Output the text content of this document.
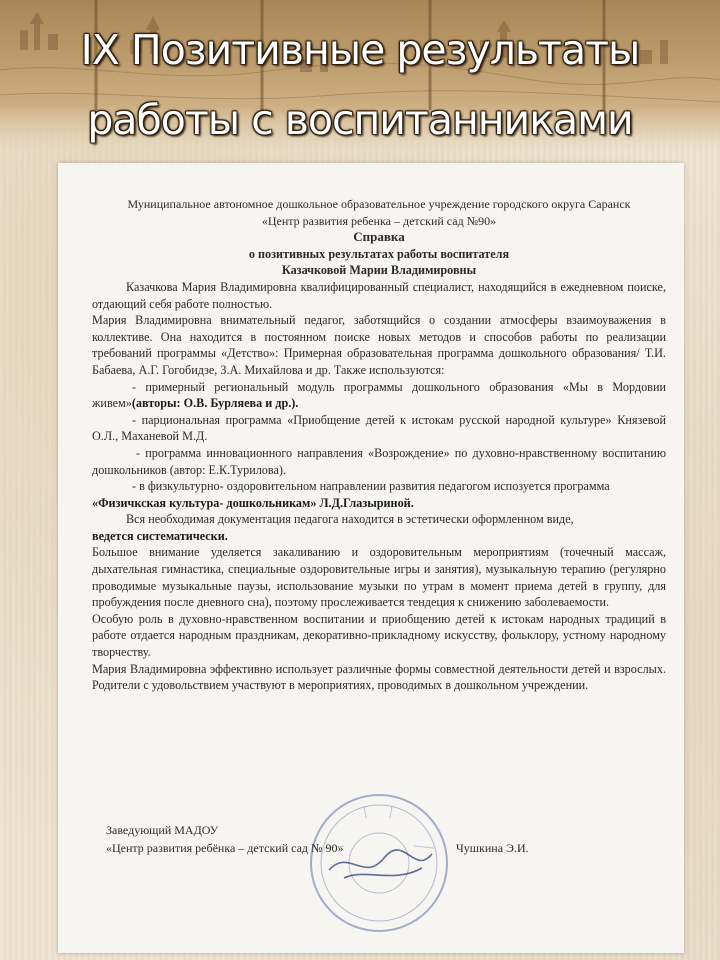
IX Позитивные результаты
работы с воспитанниками

Муниципальное автономное дошкольное образовательное учреждение городского округа Саранск

«Центр развития ребенка – детский сад №90»

Справка

о позитивных результатах работы воспитателя

Казачковой Марии Владимировны

Казачкова Мария Владимировна квалифицированный специалист, находящийся в ежедневном поиске, отдающий себя работе полностью.

Мария Владимировна внимательный педагог, заботящийся о создании атмосферы взаимоуважения в коллективе. Она находится в постоянном поиске новых методов и способов работы по реализации требований программы «Детство»: Примерная образовательная программа дошкольного образования/ Т.И. Бабаева, А.Г. Гогобидзе, З.А. Михайлова и др. Также используются:

- примерный региональный модуль программы дошкольного образования «Мы в Мордовии живем»(авторы: О.В. Бурляева и др.).

- парциональная программа «Приобщение детей к истокам русской народной культуре» Князевой О.Л., Маханевой М.Д.

- программа инновационного направления «Возрождение» по духовно-нравственному воспитанию дошкольников (автор: Е.К.Турилова).

- в физкультурно- оздоровительном направлении развития педагогом испозуется программа

«Физичкская культура- дошкольникам» Л.Д.Глазыриной.

Вся необходимая документация педагога находится в эстетически оформленном виде,

ведется систематически.

Большое внимание уделяется закаливанию и оздоровительным мероприятиям (точечный массаж, дыхательная гимнастика, специальные оздоровительные игры и занятия), музыкальную терапию (регулярно проводимые музыкальные паузы, использование музыки по утрам в момент приема детей в группу, для пробуждения после дневного сна), поэтому прослеживается тендеция к снижению заболеваемости.

Особую роль в духовно-нравственном воспитании и приобщению детей к истокам народных традиций в работе отдается народным праздникам, декоративно-прикладному искусству, фольклору, устному народному творчеству.

Мария Владимировна эффективно использует различные формы совместной деятельности детей и взрослых. Родители с удовольствием участвуют в мероприятиях, проводимых в дошкольном учреждении.

Заведующий МАДОУ
«Центр развития ребёнка – детский сад № 90»	Чушкина Э.И.
